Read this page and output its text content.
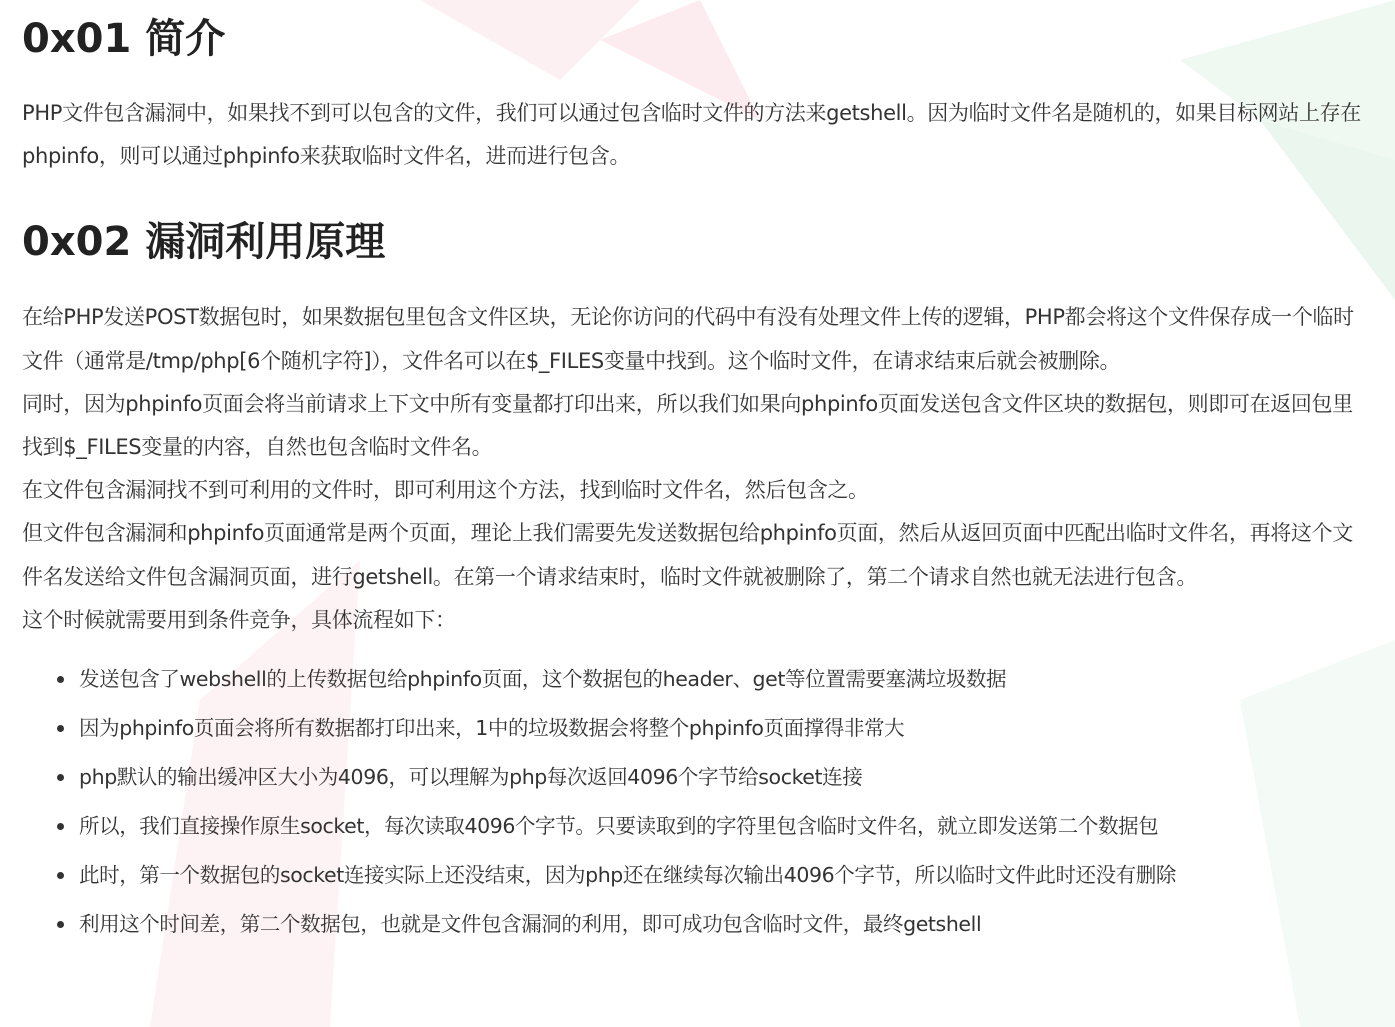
0x01 简介

PHP文件包含漏洞中，如果找不到可以包含的文件，我们可以通过包含临时文件的方法来getshell。因为临时文件名是随机的，如果目标网站上存在phpinfo，则可以通过phpinfo来获取临时文件名，进而进行包含。

0x02 漏洞利用原理

在给PHP发送POST数据包时，如果数据包里包含文件区块，无论你访问的代码中有没有处理文件上传的逻辑，PHP都会将这个文件保存成一个临时文件（通常是/tmp/php[6个随机字符]），文件名可以在$_FILES变量中找到。这个临时文件，在请求结束后就会被删除。

同时，因为phpinfo页面会将当前请求上下文中所有变量都打印出来，所以我们如果向phpinfo页面发送包含文件区块的数据包，则即可在返回包里找到$_FILES变量的内容，自然也包含临时文件名。

在文件包含漏洞找不到可利用的文件时，即可利用这个方法，找到临时文件名，然后包含之。

但文件包含漏洞和phpinfo页面通常是两个页面，理论上我们需要先发送数据包给phpinfo页面，然后从返回页面中匹配出临时文件名，再将这个文件名发送给文件包含漏洞页面，进行getshell。在第一个请求结束时，临时文件就被删除了，第二个请求自然也就无法进行包含。

这个时候就需要用到条件竞争，具体流程如下：

发送包含了webshell的上传数据包给phpinfo页面，这个数据包的header、get等位置需要塞满垃圾数据
因为phpinfo页面会将所有数据都打印出来，1中的垃圾数据会将整个phpinfo页面撑得非常大
php默认的输出缓冲区大小为4096，可以理解为php每次返回4096个字节给socket连接
所以，我们直接操作原生socket，每次读取4096个字节。只要读取到的字符里包含临时文件名，就立即发送第二个数据包
此时，第一个数据包的socket连接实际上还没结束，因为php还在继续每次输出4096个字节，所以临时文件此时还没有删除
利用这个时间差，第二个数据包，也就是文件包含漏洞的利用，即可成功包含临时文件，最终getshell
